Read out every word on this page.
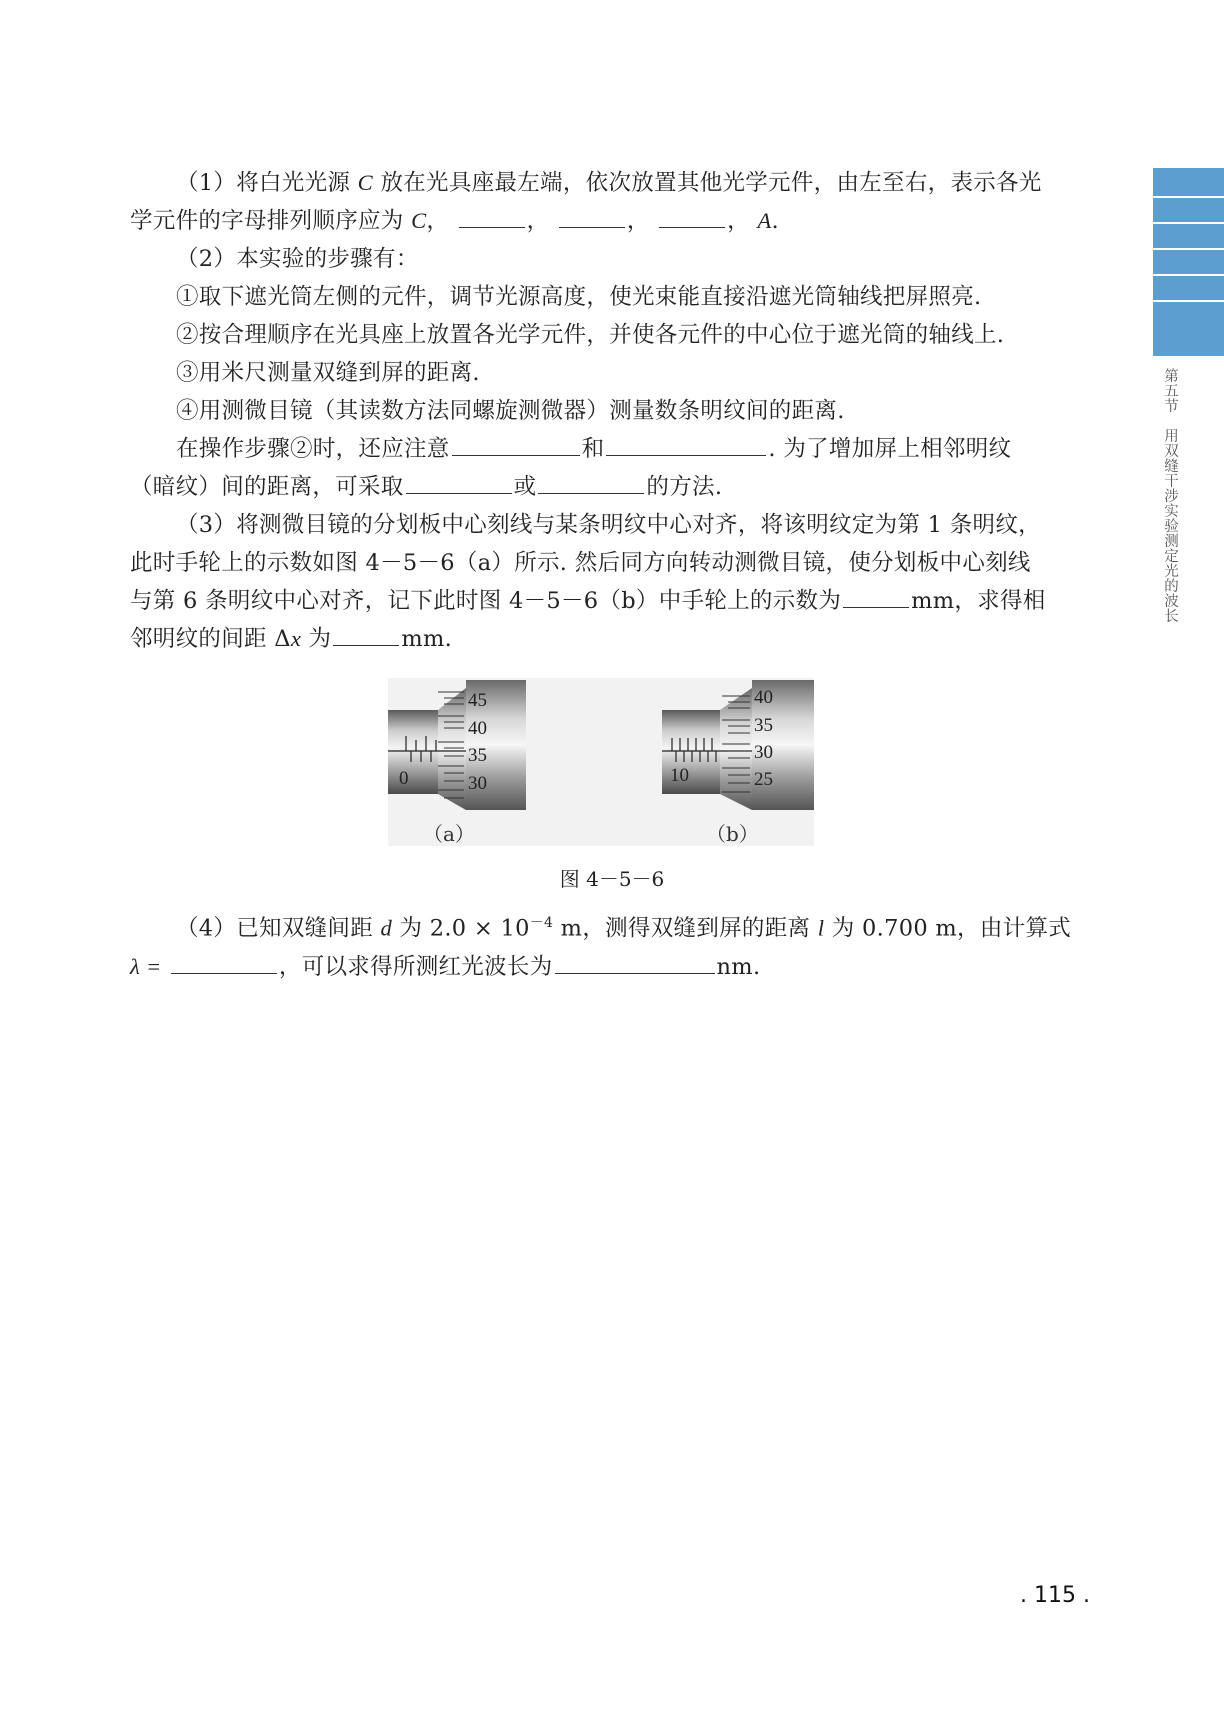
第五节
用双缝干涉实验测定光的波长
（1）将白光光源 C 放在光具座最左端，依次放置其他光学元件，由左至右，表示各光
学元件的字母排列顺序应为 C，	，	，	， A.
（2）本实验的步骤有：
①取下遮光筒左侧的元件，调节光源高度，使光束能直接沿遮光筒轴线把屏照亮.
②按合理顺序在光具座上放置各光学元件，并使各元件的中心位于遮光筒的轴线上.
③用米尺测量双缝到屏的距离.
④用测微目镜（其读数方法同螺旋测微器）测量数条明纹间的距离.
在操作步骤②时，还应注意	和	. 为了增加屏上相邻明纹
（暗纹）间的距离，可采取	或	的方法.
（3）将测微目镜的分划板中心刻线与某条明纹中心对齐，将该明纹定为第 1 条明纹，
此时手轮上的示数如图 4－5－6（a）所示. 然后同方向转动测微目镜，使分划板中心刻线
与第 6 条明纹中心对齐，记下此时图 4－5－6（b）中手轮上的示数为	mm，求得相
邻明纹的间距 Δx 为	mm.
0
45
40
35
30	10
40
35
30
25
（a）	（b）
图 4－5－6
（4）已知双缝间距 d 为 $2.0 \times 10^{-4}$ m，测得双缝到屏的距离 l 为 0.700 m，由计算式
λ =	，可以求得所测红光波长为	nm.
. 115 .
